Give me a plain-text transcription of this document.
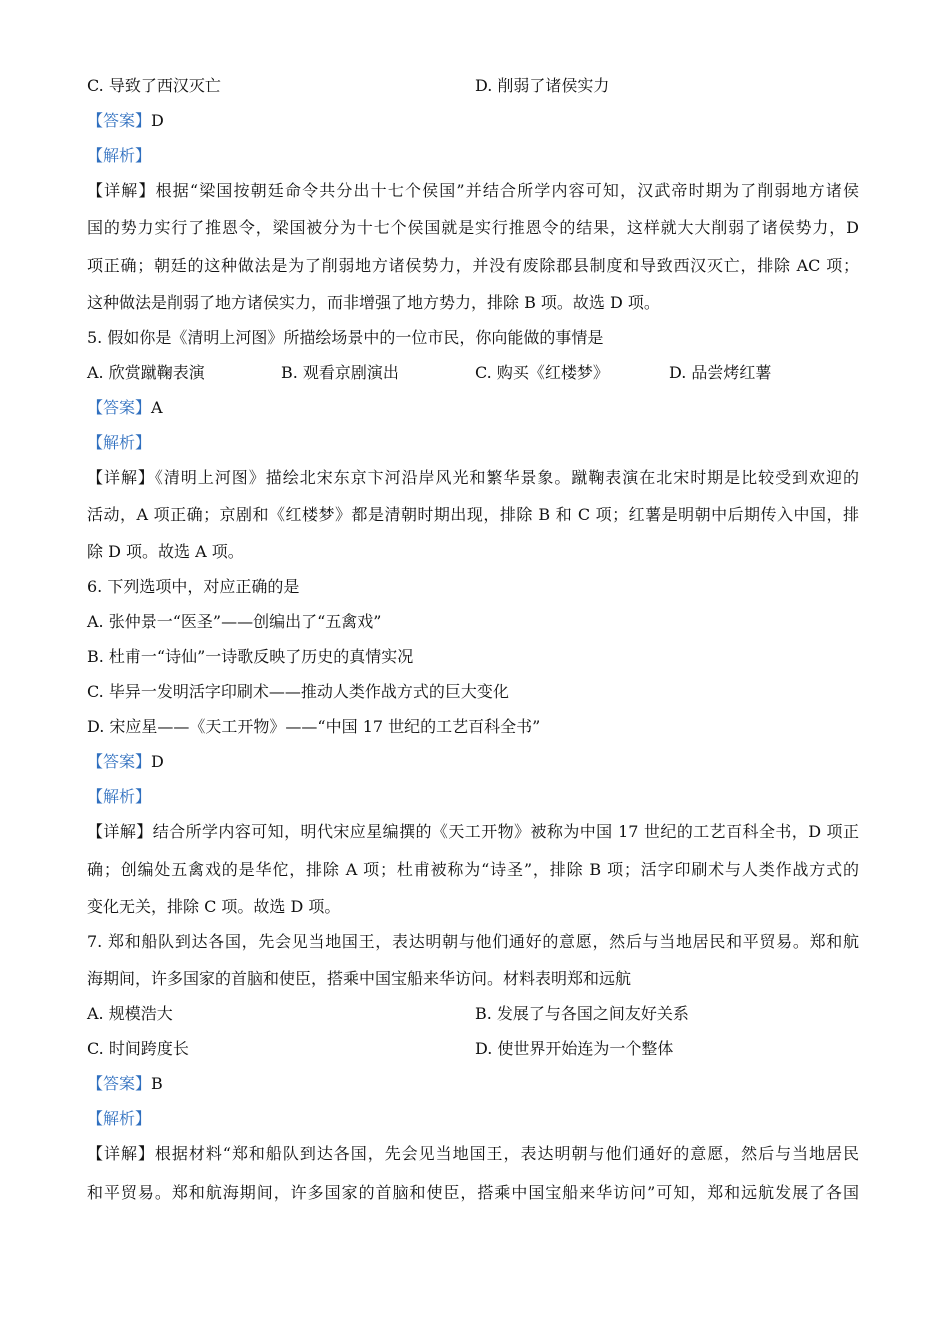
C. 导致了西汉灭亡	D. 削弱了诸侯实力
【答案】D
【解析】
【详解】根据“梁国按朝廷命令共分出十七个侯国”并结合所学内容可知，汉武帝时期为了削弱地方诸侯
国的势力实行了推恩令，梁国被分为十七个侯国就是实行推恩令的结果，这样就大大削弱了诸侯势力，D
项正确；朝廷的这种做法是为了削弱地方诸侯势力，并没有废除郡县制度和导致西汉灭亡，排除 AC 项；
这种做法是削弱了地方诸侯实力，而非增强了地方势力，排除 B 项。故选 D 项。
5. 假如你是《清明上河图》所描绘场景中的一位市民，你向能做的事情是
A. 欣赏蹴鞠表演	B. 观看京剧演出	C. 购买《红楼梦》	D. 品尝烤红薯
【答案】A
【解析】
【详解】《清明上河图》描绘北宋东京卞河沿岸风光和繁华景象。蹴鞠表演在北宋时期是比较受到欢迎的
活动，A 项正确；京剧和《红楼梦》都是清朝时期出现，排除 B 和 C 项；红薯是明朝中后期传入中国，排
除 D 项。故选 A 项。
6. 下列选项中，对应正确的是
A. 张仲景一“医圣”——创编出了“五禽戏”
B. 杜甫一“诗仙”一诗歌反映了历史的真情实况
C. 毕异一发明活字印刷术——推动人类作战方式的巨大变化
D. 宋应星——《天工开物》——“中国 17 世纪的工艺百科全书”
【答案】D
【解析】
【详解】结合所学内容可知，明代宋应星编撰的《天工开物》被称为中国 17 世纪的工艺百科全书，D 项正
确；创编处五禽戏的是华佗，排除 A 项；杜甫被称为“诗圣”，排除 B 项；活字印刷术与人类作战方式的
变化无关，排除 C 项。故选 D 项。
7. 郑和船队到达各国，先会见当地国王，表达明朝与他们通好的意愿，然后与当地居民和平贸易。郑和航
海期间，许多国家的首脑和使臣，搭乘中国宝船来华访问。材料表明郑和远航
A. 规模浩大	B. 发展了与各国之间友好关系
C. 时间跨度长	D. 使世界开始连为一个整体
【答案】B
【解析】
【详解】根据材料“郑和船队到达各国，先会见当地国王，表达明朝与他们通好的意愿，然后与当地居民
和平贸易。郑和航海期间，许多国家的首脑和使臣，搭乘中国宝船来华访问”可知，郑和远航发展了各国
